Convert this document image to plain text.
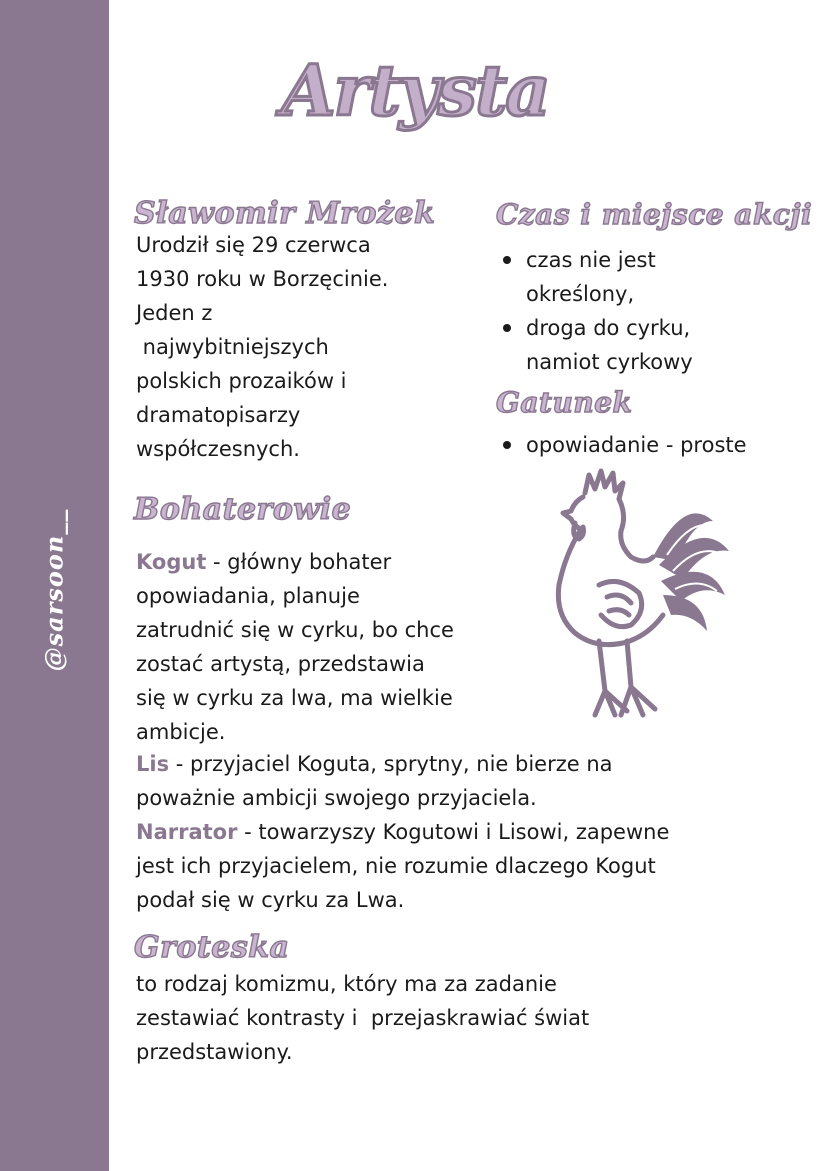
@sarsoon__
Artysta
Sławomir Mrożek

Urodził się 29 czerwca
1930 roku w Borzęcinie.
Jeden z
najwybitniejszych
polskich prozaików i
dramatopisarzy
współczesnych.

Czas i miejsce akcji
czas nie jest
określony,
droga do cyrku,
namiot cyrkowy
Gatunek
opowiadanie - proste
Bohaterowie

Kogut - główny bohater
opowiadania, planuje
zatrudnić się w cyrku, bo chce
zostać artystą, przedstawia
się w cyrku za lwa, ma wielkie
ambicje.

Lis - przyjaciel Koguta, sprytny, nie bierze na
poważnie ambicji swojego przyjaciela.

Narrator - towarzyszy Kogutowi i Lisowi, zapewne
jest ich przyjacielem, nie rozumie dlaczego Kogut
podał się w cyrku za Lwa.

Groteska

to rodzaj komizmu, który ma za zadanie
zestawiać kontrasty i  przejaskrawiać świat
przedstawiony.
